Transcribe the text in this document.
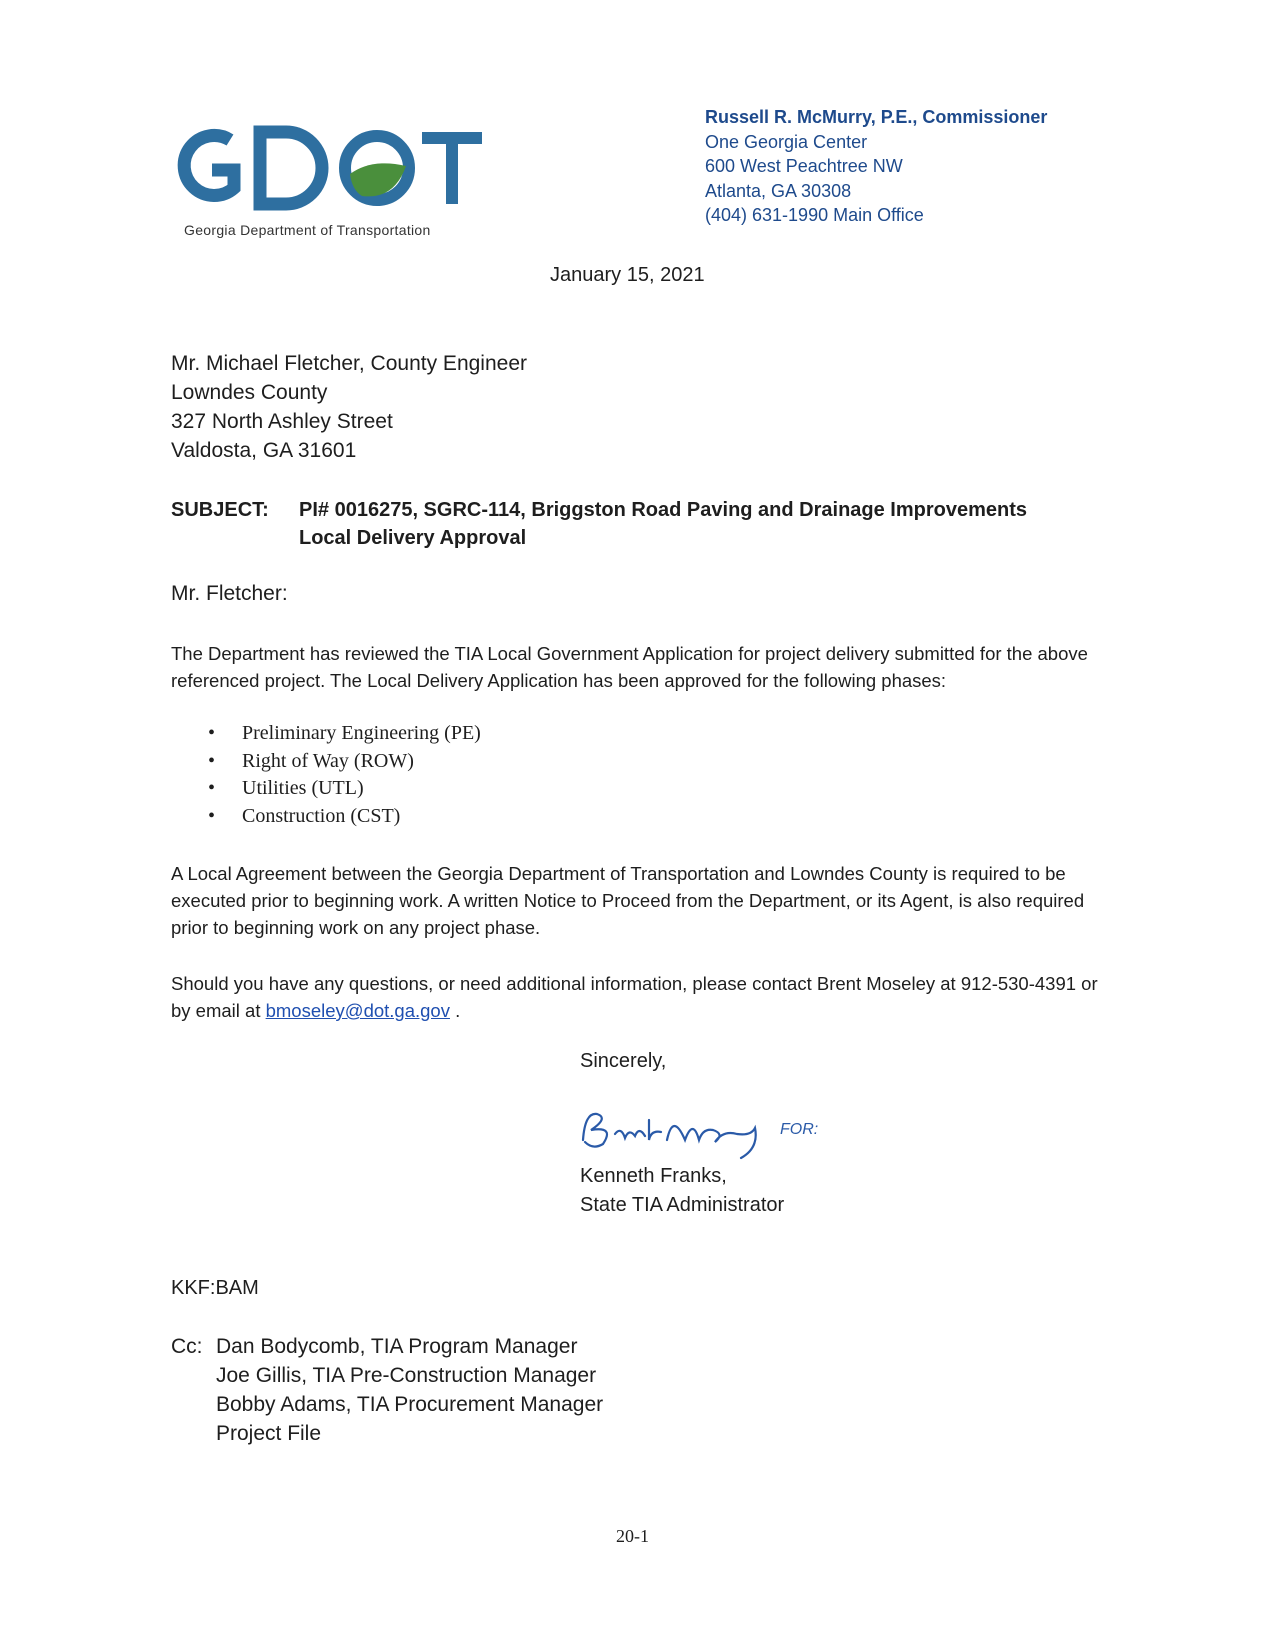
Georgia Department of Transportation
Russell R. McMurry, P.E., Commissioner
One Georgia Center
600 West Peachtree NW
Atlanta, GA 30308
(404) 631-1990 Main Office
January 15, 2021
Mr. Michael Fletcher, County Engineer
Lowndes County
327 North Ashley Street
Valdosta, GA 31601
SUBJECT: PI# 0016275, SGRC-114, Briggston Road Paving and Drainage Improvements
Local Delivery Approval
Mr. Fletcher:
The Department has reviewed the TIA Local Government Application for project delivery submitted for the above referenced project. The Local Delivery Application has been approved for the following phases:
• Preliminary Engineering (PE)
• Right of Way (ROW)
• Utilities (UTL)
• Construction (CST)
A Local Agreement between the Georgia Department of Transportation and Lowndes County is required to be executed prior to beginning work. A written Notice to Proceed from the Department, or its Agent, is also required prior to beginning work on any project phase.
Should you have any questions, or need additional information, please contact Brent Moseley at 912-530-4391 or by email at bmoseley@dot.ga.gov .
Sincerely,
FOR:
Kenneth Franks,
State TIA Administrator
KKF:BAM
Cc: Dan Bodycomb, TIA Program Manager
Joe Gillis, TIA Pre-Construction Manager
Bobby Adams, TIA Procurement Manager
Project File
20-1
